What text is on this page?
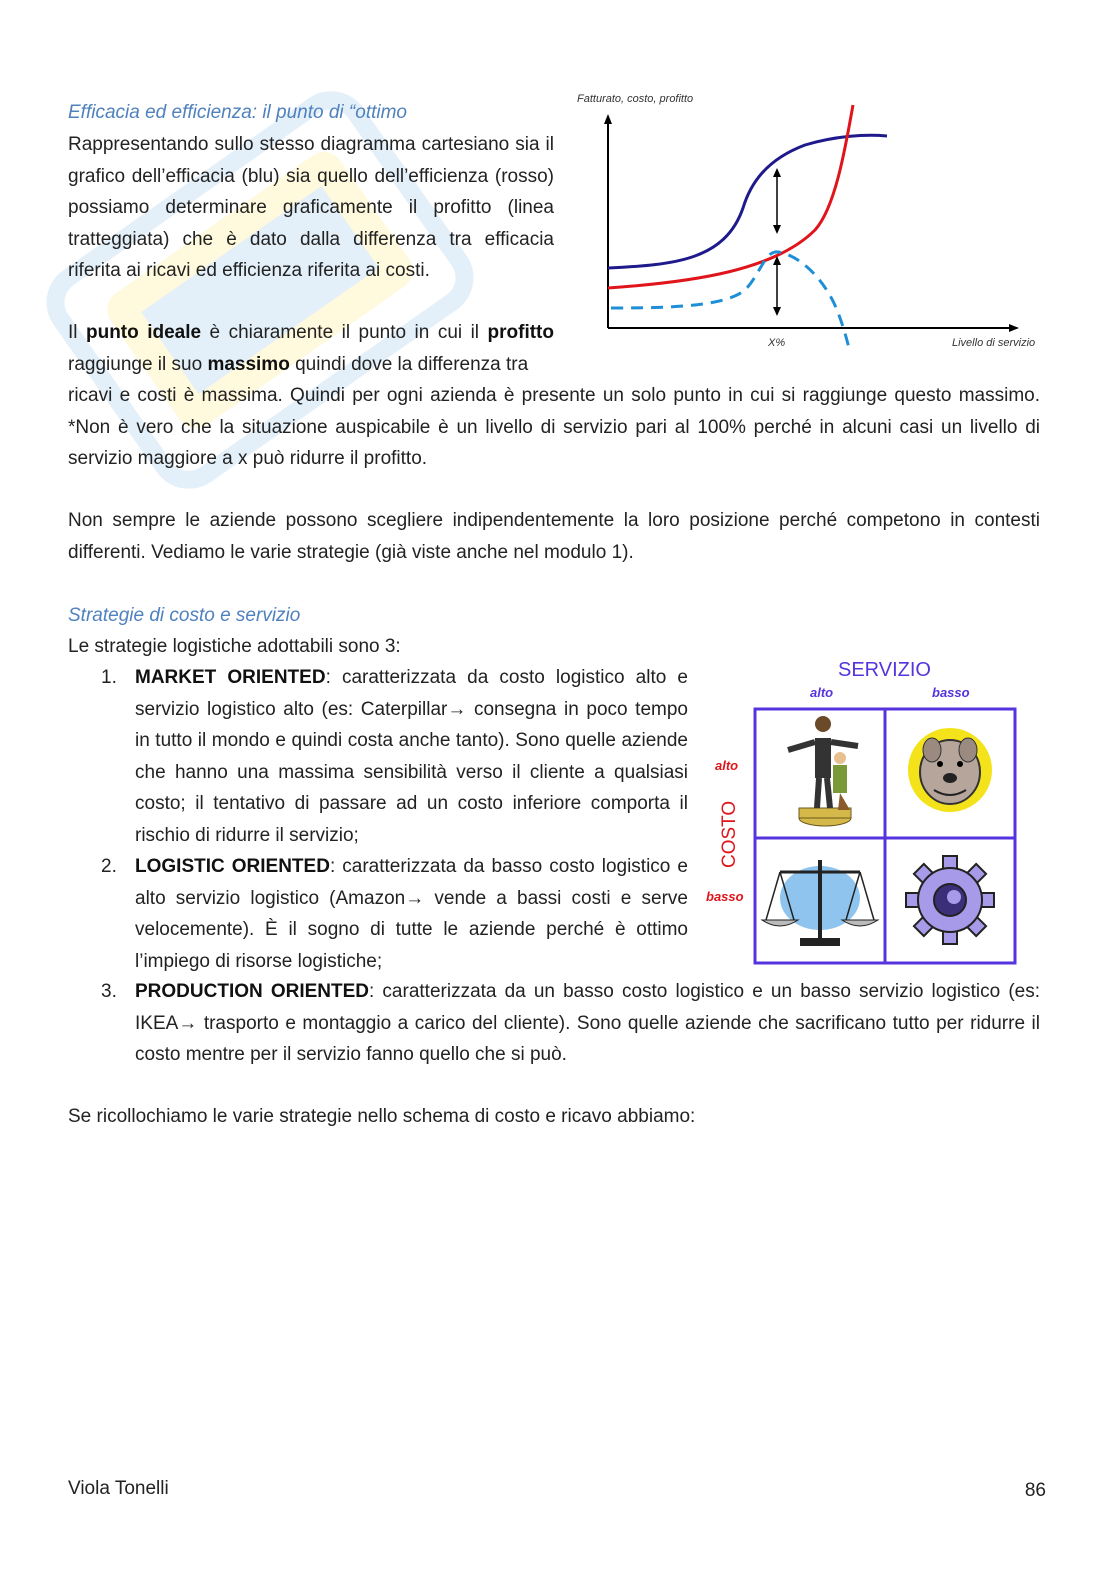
Efficacia ed efficienza: il punto di “ottimo
Rappresentando sullo stesso diagramma cartesiano sia il grafico dell’efficacia (blu) sia quello dell’efficienza (rosso) possiamo determinare graficamente il profitto (linea tratteggiata) che è dato dalla differenza tra efficacia riferita ai ricavi ed efficienza riferita ai costi.
Il punto ideale è chiaramente il punto in cui il profitto raggiunge il suo massimo quindi dove la differenza tra
ricavi e costi è massima. Quindi per ogni azienda è presente un solo punto in cui si raggiunge questo massimo. *Non è vero che la situazione auspicabile è un livello di servizio pari al 100% perché in alcuni casi un livello di servizio maggiore a x può ridurre il profitto.
Non sempre le aziende possono scegliere indipendentemente la loro posizione perché competono in contesti differenti. Vediamo le varie strategie (già viste anche nel modulo 1).
Fatturato, costo, profitto
X%	Livello di servizio
Strategie di costo e servizio
Le strategie logistiche adottabili sono 3:
1. MARKET ORIENTED: caratterizzata da costo logistico alto e servizio logistico alto (es: Caterpillar→ consegna in poco tempo in tutto il mondo e quindi costa anche tanto). Sono quelle aziende che hanno una massima sensibilità verso il cliente a qualsiasi costo; il tentativo di passare ad un costo inferiore comporta il rischio di ridurre il servizio;
2. LOGISTIC ORIENTED: caratterizzata da basso costo logistico e alto servizio logistico (Amazon→ vende a bassi costi e serve velocemente). È il sogno di tutte le aziende perché è ottimo l’impiego di risorse logistiche;
3. PRODUCTION ORIENTED: caratterizzata da un basso costo logistico e un basso servizio logistico (es: IKEA→ trasporto e montaggio a carico del cliente). Sono quelle aziende che sacrificano tutto per ridurre il costo mentre per il servizio fanno quello che si può.
Se ricollochiamo le varie strategie nello schema di costo e ricavo abbiamo:
SERVIZIO
alto	basso
alto
COSTO
basso
Viola Tonelli	86
